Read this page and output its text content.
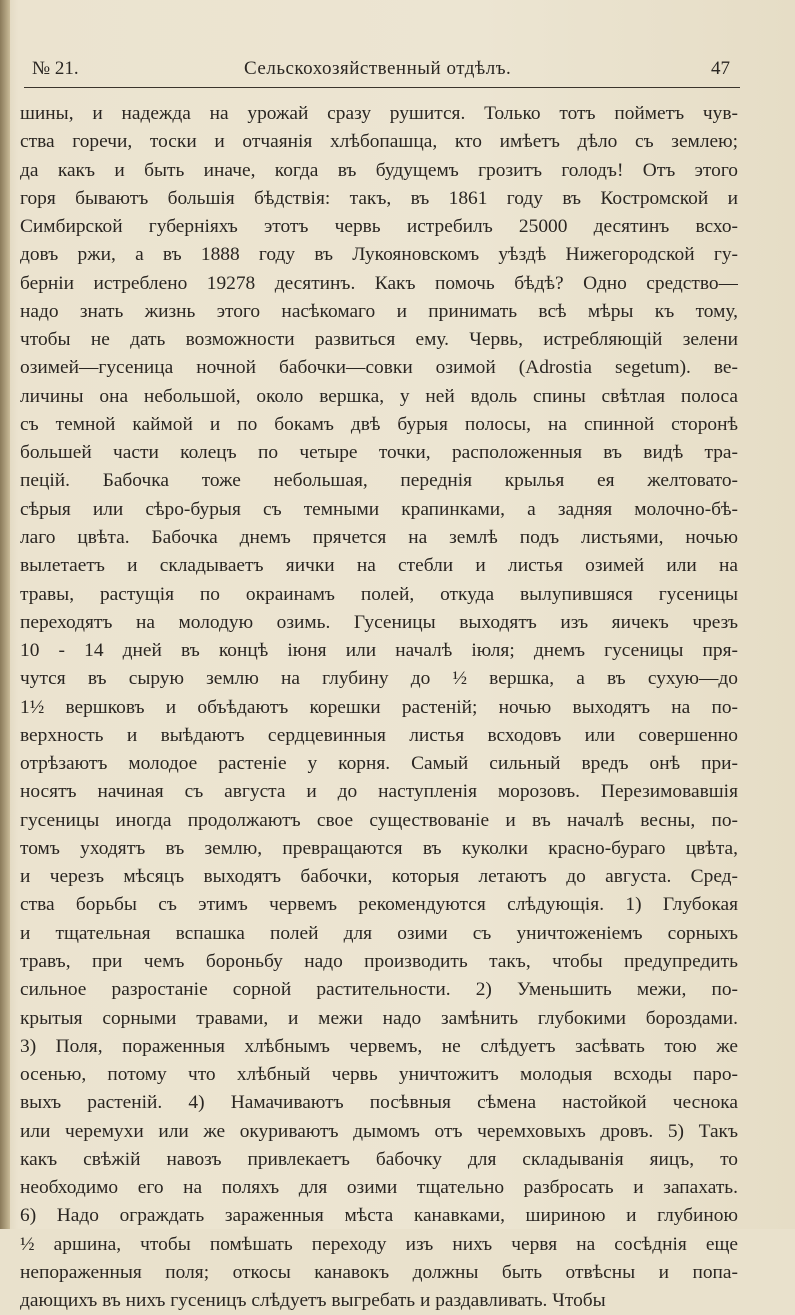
№ 21.	Сельскохозяйственный отдѣлъ.	47
шины, и надежда на урожай сразу рушится. Только тотъ пойметъ чув-
ства горечи, тоски и отчаянія хлѣбопашца, кто имѣетъ дѣло съ землею;
да какъ и быть иначе, когда въ будущемъ грозитъ голодъ! Отъ этого
горя бываютъ большія бѣдствія: такъ, въ 1861 году въ Костромской и
Симбирской губерніяхъ этотъ червь истребилъ 25000 десятинъ всхо-
довъ ржи, а въ 1888 году въ Лукояновскомъ уѣздѣ Нижегородской гу-
берніи истреблено 19278 десятинъ. Какъ помочь бѣдѣ? Одно средство—
надо знать жизнь этого насѣкомаго и принимать всѣ мѣры къ тому,
чтобы не дать возможности развиться ему. Червь, истребляющій зелени
озимей—гусеница ночной бабочки—совки озимой (Adrostia segetum). ве-
личины она небольшой, около вершка, у ней вдоль спины свѣтлая полоса
съ темной каймой и по бокамъ двѣ бурыя полосы, на спинной сторонѣ
большей части колецъ по четыре точки, расположенныя въ видѣ тра-
пецій. Бабочка тоже небольшая, переднія крылья ея желтовато-
сѣрыя или сѣро-бурыя съ темными крапинками, а задняя молочно-бѣ-
лаго цвѣта. Бабочка днемъ прячется на землѣ подъ листьями, ночью
вылетаетъ и складываетъ яички на стебли и листья озимей или на
травы, растущія по окраинамъ полей, откуда вылупившяся гусеницы
переходятъ на молодую озимь. Гусеницы выходятъ изъ яичекъ чрезъ
10 - 14 дней въ концѣ іюня или началѣ іюля; днемъ гусеницы пря-
чутся въ сырую землю на глубину до ½ вершка, а въ сухую—до
1½ вершковъ и объѣдаютъ корешки растеній; ночью выходятъ на по-
верхность и выѣдаютъ сердцевинныя листья всходовъ или совершенно
отрѣзаютъ молодое растеніе у корня. Самый сильный вредъ онѣ при-
носятъ начиная съ августа и до наступленія морозовъ. Перезимовавшія
гусеницы иногда продолжаютъ свое существованіе и въ началѣ весны, по-
томъ уходятъ въ землю, превращаются въ куколки красно-бураго цвѣта,
и черезъ мѣсяцъ выходятъ бабочки, которыя летаютъ до августа. Сред-
ства борьбы съ этимъ червемъ рекомендуются слѣдующія. 1) Глубокая
и тщательная вспашка полей для озими съ уничтоженіемъ сорныхъ
травъ, при чемъ бороньбу надо производить такъ, чтобы предупредить
сильное разростаніе сорной растительности. 2) Уменьшить межи, по-
крытыя сорными травами, и межи надо замѣнить глубокими бороздами.
3) Поля, пораженныя хлѣбнымъ червемъ, не слѣдуетъ засѣвать тою же
осенью, потому что хлѣбный червь уничтожитъ молодыя всходы паро-
выхъ растеній. 4) Намачиваютъ посѣвныя сѣмена настойкой чеснока
или черемухи или же окуриваютъ дымомъ отъ черемховыхъ дровъ. 5) Такъ
какъ свѣжій навозъ привлекаетъ бабочку для складыванія яицъ, то
необходимо его на поляхъ для озими тщательно разбросать и запахать.
6) Надо ограждать зараженныя мѣста канавками, шириною и глубиною
½ аршина, чтобы помѣшать переходу изъ нихъ червя на сосѣднія еще
непораженныя поля; откосы канавокъ должны быть отвѣсны и попа-
дающихъ въ нихъ гусеницъ слѣдуетъ выгребать и раздавливать. Чтобы
